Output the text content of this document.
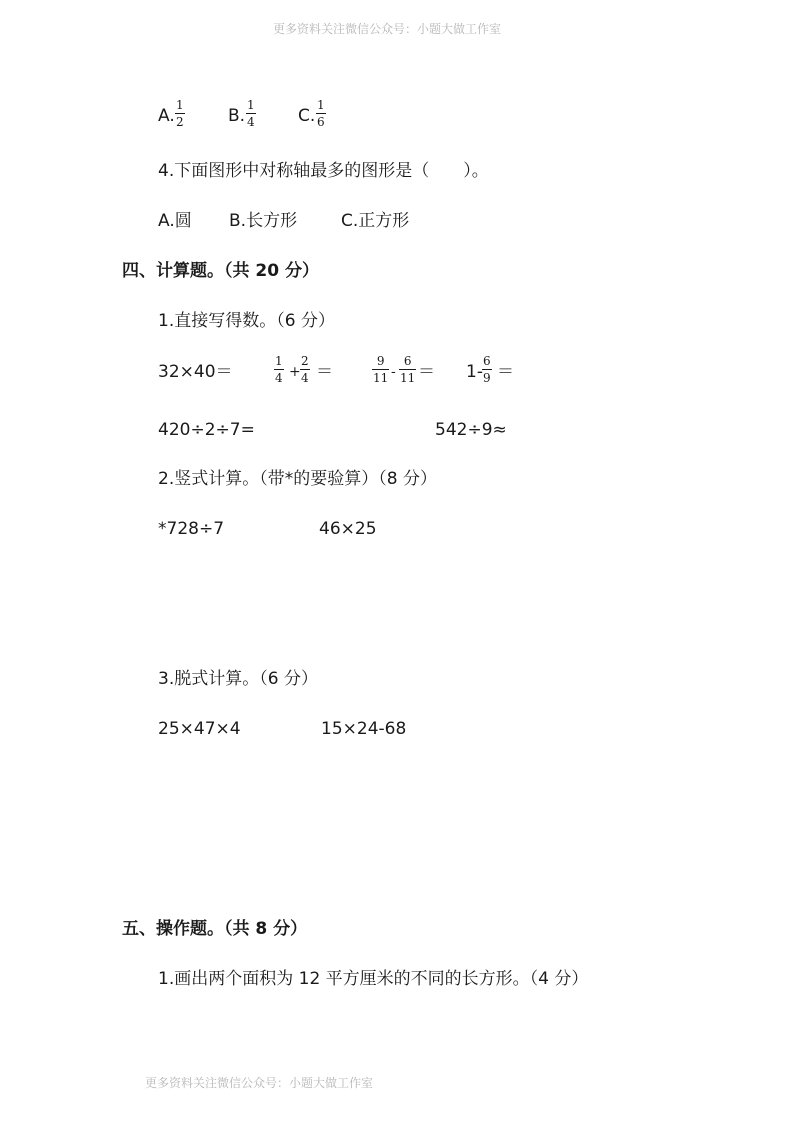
更多资料关注微信公众号：小题大做工作室
A.
1
2	B.
1
4	C.
1
6
4.下面图形中对称轴最多的图形是（　　）。
A.圆 B.长方形	C.正方形
四、计算题。（共 20 分）
1.直接写得数。（6 分）
32×40＝
1
4 +
2
4 ＝
9
11 -
6
11 ＝ 1-
6
9 ＝
420÷2÷7=	542÷9≈
2.竖式计算。（带*的要验算）（8 分）
*728÷7	46×25
3.脱式计算。（6 分）
25×47×4	15×24-68
五、操作题。（共 8 分）
1.画出两个面积为 12 平方厘米的不同的长方形。（4 分）
更多资料关注微信公众号：小题大做工作室
